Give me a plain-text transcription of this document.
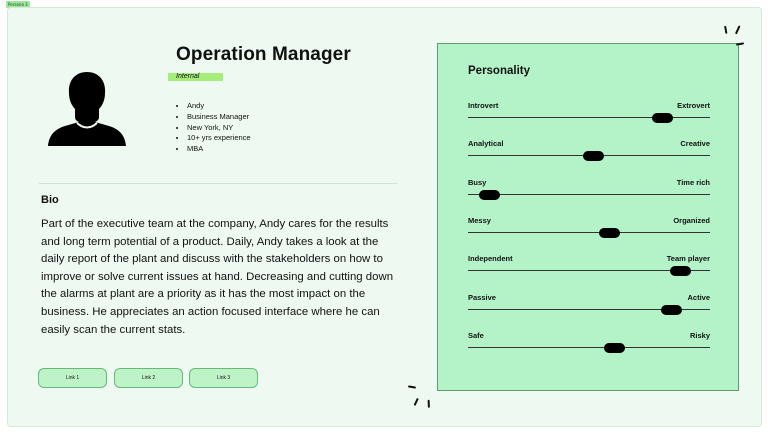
Persona 3
Operation Manager
Internal
• Andy
• Business Manager
• New York, NY
• 10+ yrs experience
• MBA
Bio

Part of the executive team at the company, Andy cares for the results and long term potential of a product. Daily, Andy takes a look at the daily report of the plant and discuss with the stakeholders on how to improve or solve current issues at hand. Decreasing and cutting down the alarms at plant are a priority as it has the most impact on the business. He appreciates an action focused interface where he can easily scan the current stats.

Link 1	Link 2	Link 3
Personality
Introvert	Extrovert
Analytical	Creative
Busy	Time rich
Messy	Organized
Independent	Team player
Passive	Active
Safe	Risky
